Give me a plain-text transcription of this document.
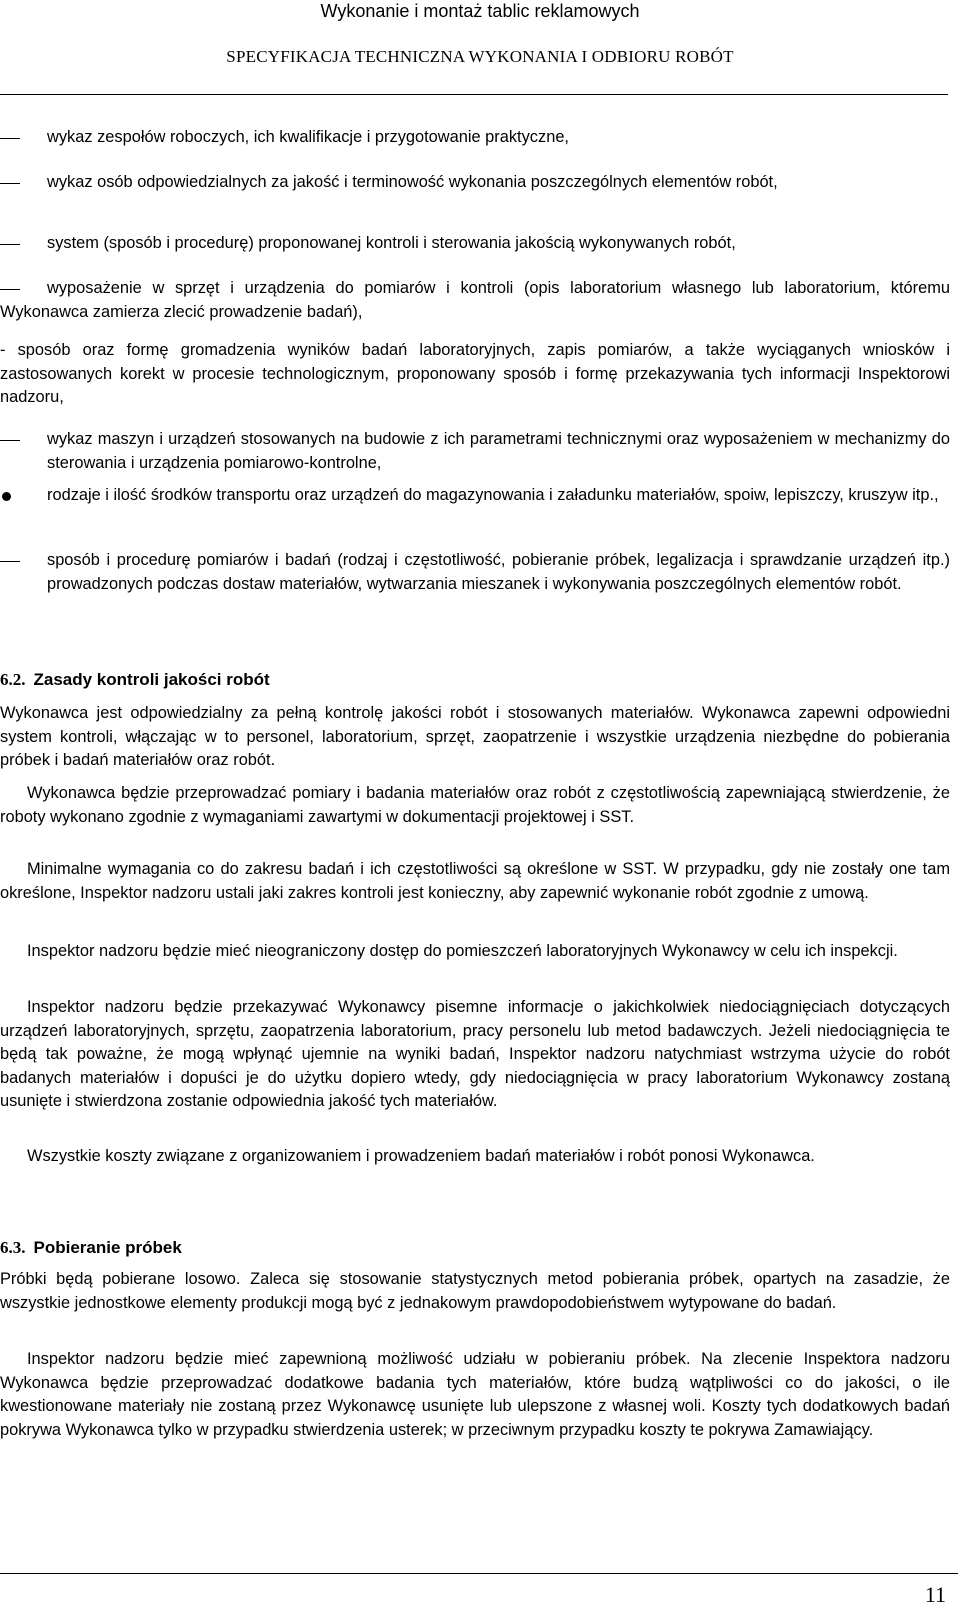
Wykonanie i montaż tablic reklamowych
SPECYFIKACJA TECHNICZNA WYKONANIA I ODBIORU ROBÓT
wykaz zespołów roboczych, ich kwalifikacje i przygotowanie praktyczne,
wykaz osób odpowiedzialnych za jakość i terminowość wykonania poszczególnych elementów robót,
system (sposób i procedurę) proponowanej kontroli i sterowania jakością wykonywanych robót,
wyposażenie w sprzęt i urządzenia do pomiarów i kontroli (opis laboratorium własnego lub laboratorium, któremu Wykonawca zamierza zlecić prowadzenie badań),
- sposób oraz formę gromadzenia wyników badań laboratoryjnych, zapis pomiarów, a także wyciąganych wniosków i zastosowanych korekt w procesie technologicznym, proponowany sposób i formę przekazywania tych informacji Inspektorowi nadzoru,
wykaz maszyn i urządzeń stosowanych na budowie z ich parametrami technicznymi oraz wyposażeniem w mechanizmy do sterowania i urządzenia pomiarowo-kontrolne,
rodzaje i ilość środków transportu oraz urządzeń do magazynowania i załadunku materiałów, spoiw, lepiszczy, kruszyw itp.,
sposób i procedurę pomiarów i badań (rodzaj i częstotliwość, pobieranie próbek, legalizacja i sprawdzanie urządzeń itp.) prowadzonych podczas dostaw materiałów, wytwarzania mieszanek i wykonywania poszczególnych elementów robót.
6.2. Zasady kontroli jakości robót
Wykonawca jest odpowiedzialny za pełną kontrolę jakości robót i stosowanych materiałów. Wykonawca zapewni odpowiedni system kontroli, włączając w to personel, laboratorium, sprzęt, zaopatrzenie i wszystkie urządzenia niezbędne do pobierania próbek i badań materiałów oraz robót.
Wykonawca będzie przeprowadzać pomiary i badania materiałów oraz robót z częstotliwością zapewniającą stwierdzenie, że roboty wykonano zgodnie z wymaganiami zawartymi w dokumentacji projektowej i SST.
Minimalne wymagania co do zakresu badań i ich częstotliwości są określone w SST. W przypadku, gdy nie zostały one tam określone, Inspektor nadzoru ustali jaki zakres kontroli jest konieczny, aby zapewnić wykonanie robót zgodnie z umową.
Inspektor nadzoru będzie mieć nieograniczony dostęp do pomieszczeń laboratoryjnych Wykonawcy w celu ich inspekcji.
Inspektor nadzoru będzie przekazywać Wykonawcy pisemne informacje o jakichkolwiek niedociągnięciach dotyczących urządzeń laboratoryjnych, sprzętu, zaopatrzenia laboratorium, pracy personelu lub metod badawczych. Jeżeli niedociągnięcia te będą tak poważne, że mogą wpłynąć ujemnie na wyniki badań, Inspektor nadzoru natychmiast wstrzyma użycie do robót badanych materiałów i dopuści je do użytku dopiero wtedy, gdy niedociągnięcia w pracy laboratorium Wykonawcy zostaną usunięte i stwierdzona zostanie odpowiednia jakość tych materiałów.
Wszystkie koszty związane z organizowaniem i prowadzeniem badań materiałów i robót ponosi Wykonawca.
6.3. Pobieranie próbek
Próbki będą pobierane losowo. Zaleca się stosowanie statystycznych metod pobierania próbek, opartych na zasadzie, że wszystkie jednostkowe elementy produkcji mogą być z jednakowym prawdopodobieństwem wytypowane do badań.
Inspektor nadzoru będzie mieć zapewnioną możliwość udziału w pobieraniu próbek. Na zlecenie Inspektora nadzoru Wykonawca będzie przeprowadzać dodatkowe badania tych materiałów, które budzą wątpliwości co do jakości, o ile kwestionowane materiały nie zostaną przez Wykonawcę usunięte lub ulepszone z własnej woli. Koszty tych dodatkowych badań pokrywa Wykonawca tylko w przypadku stwierdzenia usterek; w przeciwnym przypadku koszty te pokrywa Zamawiający.
11
